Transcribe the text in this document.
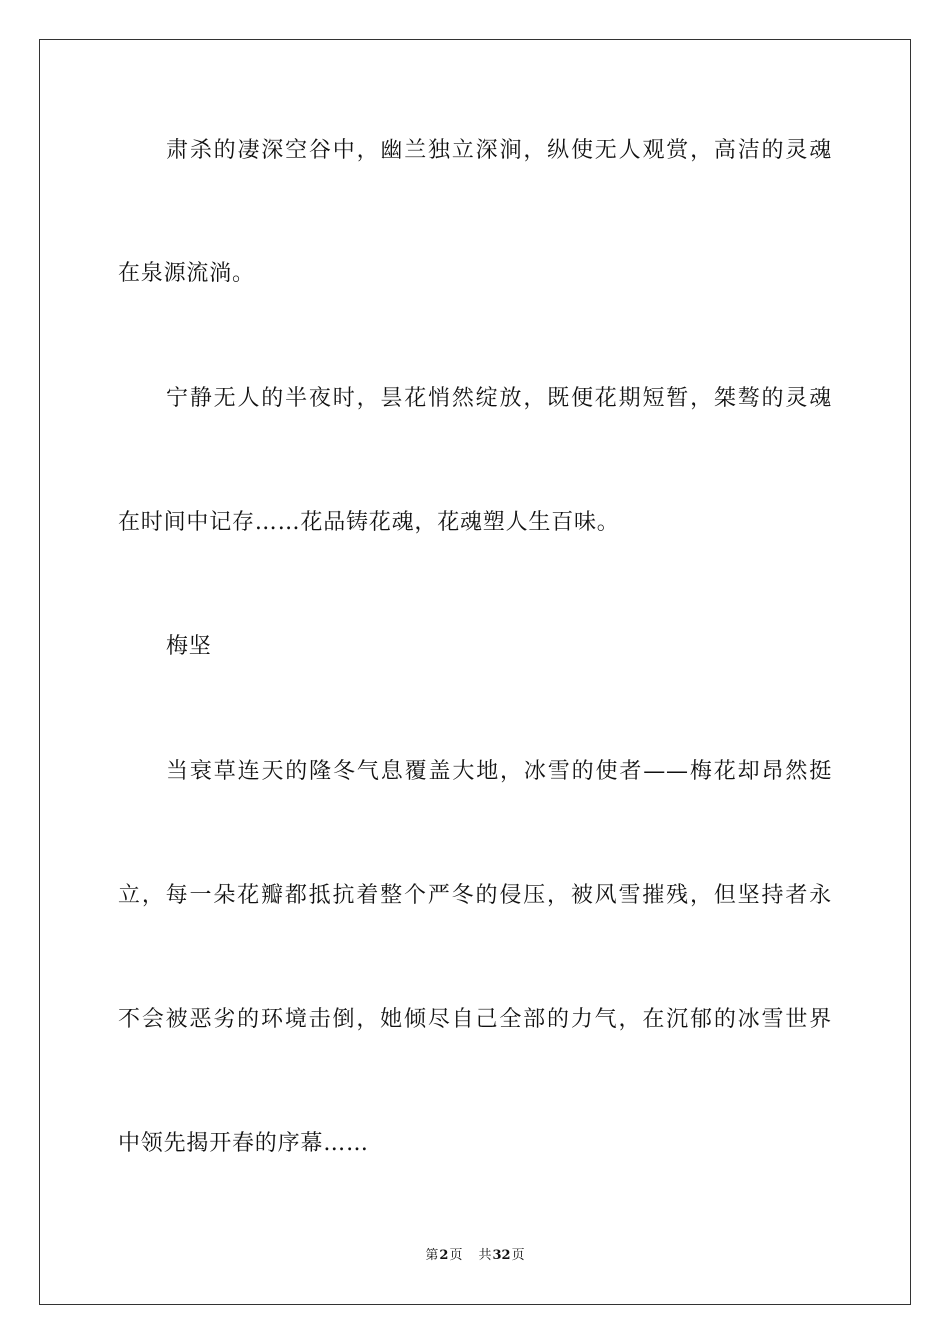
肃杀的凄深空谷中，幽兰独立深涧，纵使无人观赏，高洁的灵魂
在泉源流淌。
宁静无人的半夜时，昙花悄然绽放，既便花期短暂，桀骜的灵魂
在时间中记存……花品铸花魂，花魂塑人生百味。
梅坚
当衰草连天的隆冬气息覆盖大地，冰雪的使者——梅花却昂然挺
立，每一朵花瓣都抵抗着整个严冬的侵压，被风雪摧残，但坚持者永
不会被恶劣的环境击倒，她倾尽自己全部的力气，在沉郁的冰雪世界
中领先揭开春的序幕……
第2页 共32页
